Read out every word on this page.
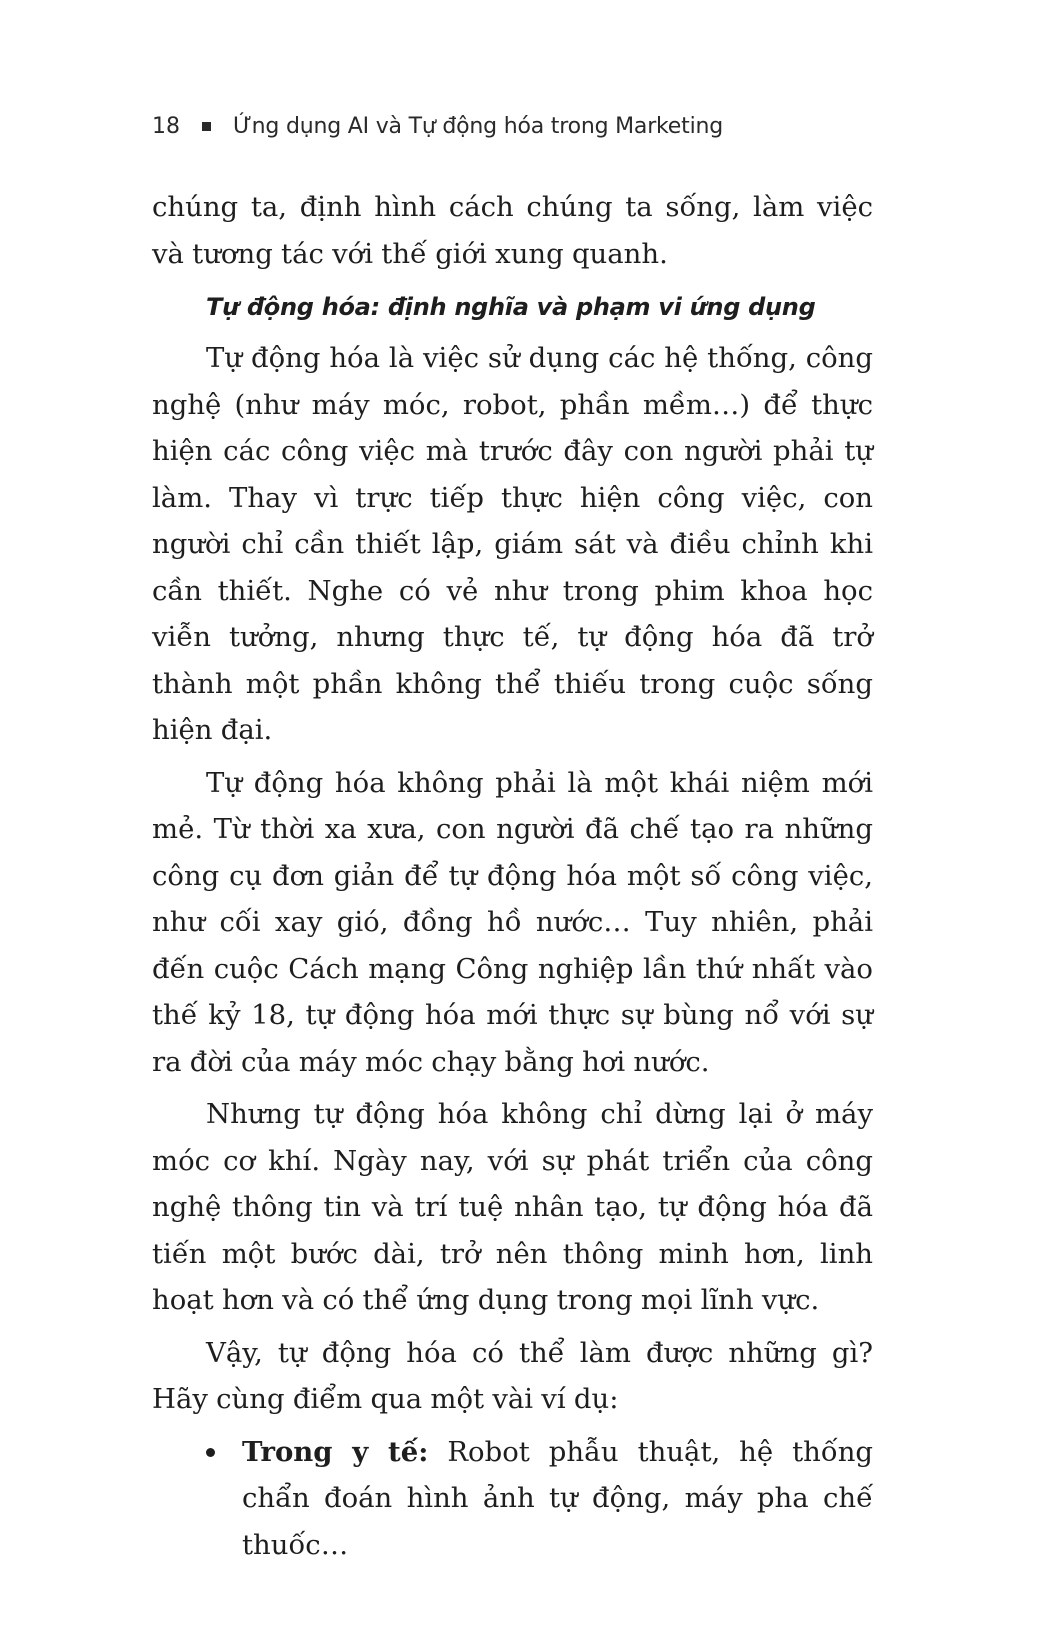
18 Ứng dụng AI và Tự động hóa trong Marketing

chúng ta, định hình cách chúng ta sống, làm việc và tương tác với thế giới xung quanh.

Tự động hóa: định nghĩa và phạm vi ứng dụng

Tự động hóa là việc sử dụng các hệ thống, công nghệ (như máy móc, robot, phần mềm…) để thực hiện các công việc mà trước đây con người phải tự làm. Thay vì trực tiếp thực hiện công việc, con người chỉ cần thiết lập, giám sát và điều chỉnh khi cần thiết. Nghe có vẻ như trong phim khoa học viễn tưởng, nhưng thực tế, tự động hóa đã trở thành một phần không thể thiếu trong cuộc sống hiện đại.

Tự động hóa không phải là một khái niệm mới mẻ. Từ thời xa xưa, con người đã chế tạo ra những công cụ đơn giản để tự động hóa một số công việc, như cối xay gió, đồng hồ nước… Tuy nhiên, phải đến cuộc Cách mạng Công nghiệp lần thứ nhất vào thế kỷ 18, tự động hóa mới thực sự bùng nổ với sự ra đời của máy móc chạy bằng hơi nước.

Nhưng tự động hóa không chỉ dừng lại ở máy móc cơ khí. Ngày nay, với sự phát triển của công nghệ thông tin và trí tuệ nhân tạo, tự động hóa đã tiến một bước dài, trở nên thông minh hơn, linh hoạt hơn và có thể ứng dụng trong mọi lĩnh vực.

Vậy, tự động hóa có thể làm được những gì? Hãy cùng điểm qua một vài ví dụ:

Trong y tế: Robot phẫu thuật, hệ thống chẩn đoán hình ảnh tự động, máy pha chế thuốc…
